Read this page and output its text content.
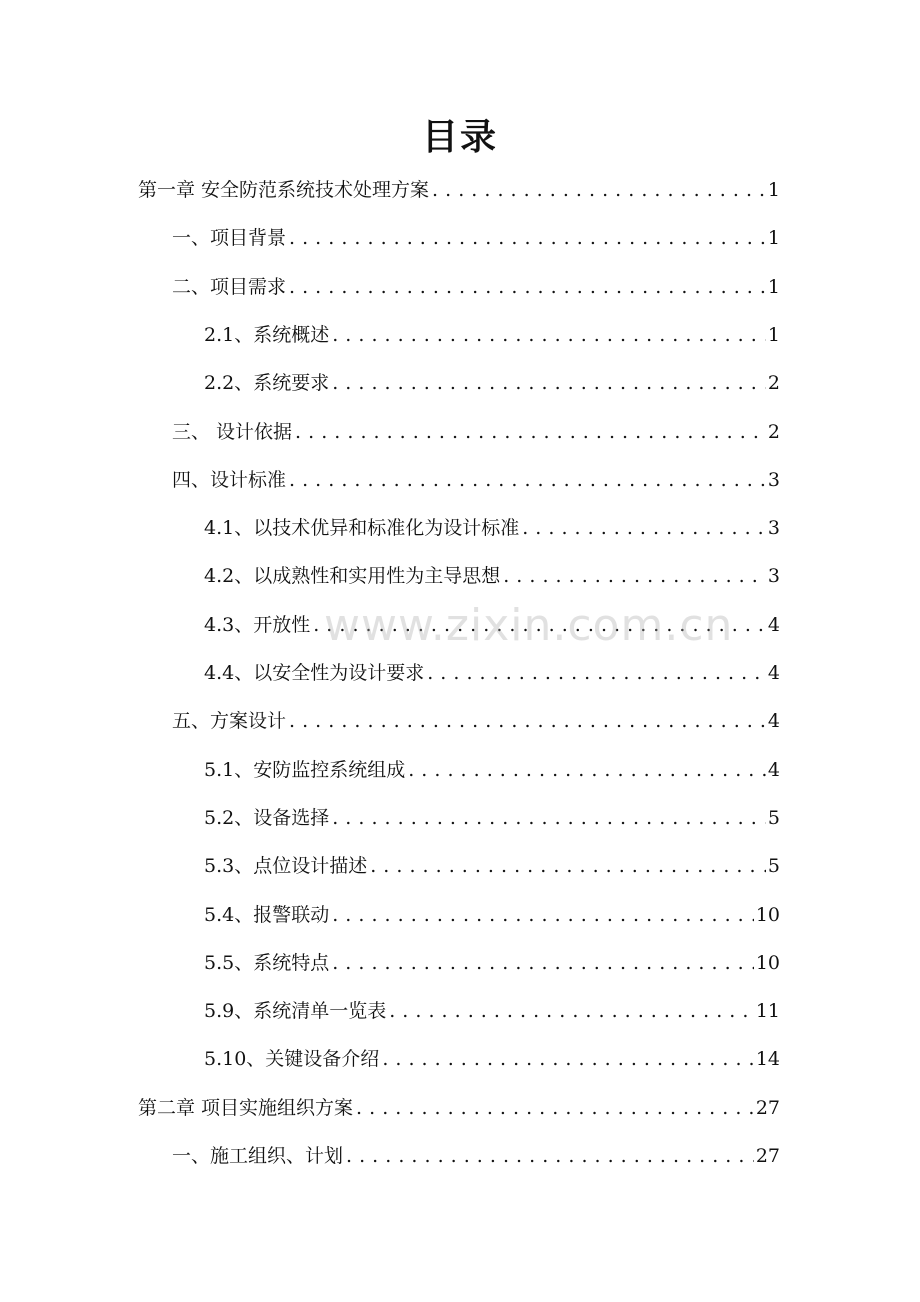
目录
第一章 安全防范系统技术处理方案 . . .	1
一、项目背景 . . .	1
二、项目需求 . . .	1
2.1、系统概述 . . .	1
2.2、系统要求 . . .	2
三、 设计依据 . . .	2
四、设计标准 . . .	3
4.1、以技术优异和标准化为设计标准 . . .	3
4.2、以成熟性和实用性为主导思想 . . .	3
4.3、开放性 . . .	4
4.4、以安全性为设计要求 . . .	4
五、方案设计 . . .	4
5.1、安防监控系统组成 . . .	4
5.2、设备选择 . . .	5
5.3、点位设计描述 . . .	5
5.4、报警联动 . . .	10
5.5、系统特点 . . .	10
5.9、系统清单一览表 . . .	11
5.10、关键设备介绍 . . .	14
第二章 项目实施组织方案 . . .	27
一、施工组织、计划 . . .	27
www.zixin.com.cn
